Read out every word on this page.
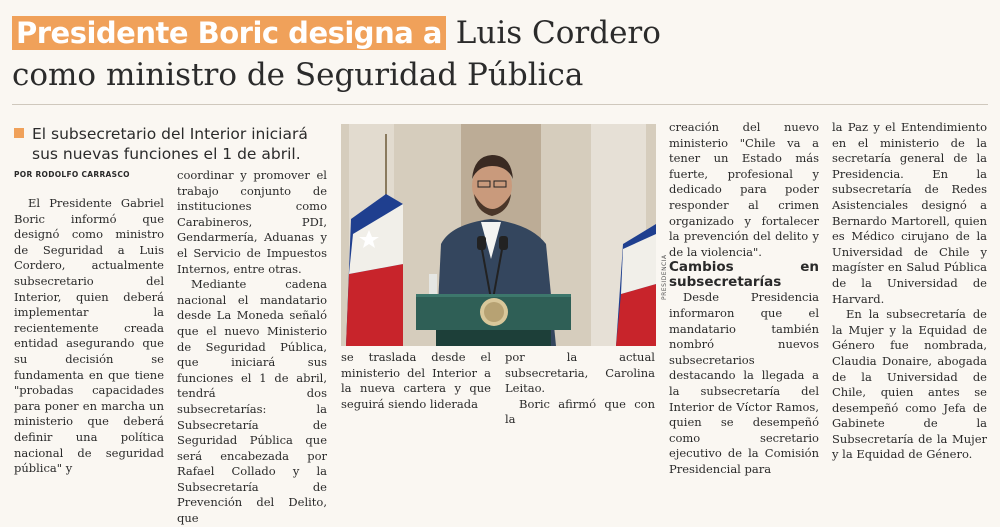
Presidente Boric designa a Luis Cordero
como ministro de Seguridad Pública
El subsecretario del Interior iniciará
sus nuevas funciones el 1 de abril.
POR RODOLFO CARRASCO

El Presidente Gabriel Boric informó que designó como ministro de Seguridad a Luis Cordero, actualmente subsecretario del Interior, quien deberá implementar la recientemente creada entidad asegurando que su decisión se fundamenta en que tiene "probadas capacidades para poner en marcha un ministerio que deberá definir una política nacional de seguridad pública" y

coordinar y promover el trabajo conjunto de instituciones como Carabineros, PDI, Gendarmería, Aduanas y el Servicio de Impuestos Internos, entre otras.

Mediante cadena nacional el mandatario desde La Moneda señaló que el nuevo Ministerio de Seguridad Pública, que iniciará sus funciones el 1 de abril, tendrá dos subsecretarías: la Subsecretaría de Seguridad Pública que será encabezada por Rafael Collado y la Subsecretaría de Prevención del Delito, que

PRESIDENCIA

se traslada desde el ministerio del Interior a la nueva cartera y que seguirá siendo liderada

por la actual subsecretaria, Carolina Leitao.

Boric afirmó que con la

creación del nuevo ministerio "Chile va a tener un Estado más fuerte, profesional y dedicado para poder responder al crimen organizado y fortalecer la prevención del delito y de la violencia".

Cambios en subsecretarías

Desde Presidencia informaron que el mandatario también nombró nuevos subsecretarios destacando la llegada a la subsecretaría del Interior de Víctor Ramos, quien se desempeñó como secretario ejecutivo de la Comisión Presidencial para

la Paz y el Entendimiento en el ministerio de la secretaría general de la Presidencia. En la subsecretaría de Redes Asistenciales designó a Bernardo Martorell, quien es Médico cirujano de la Universidad de Chile y magíster en Salud Pública de la Universidad de Harvard.

En la subsecretaría de la Mujer y la Equidad de Género fue nombrada, Claudia Donaire, abogada de la Universidad de Chile, quien antes se desempeñó como Jefa de Gabinete de la Subsecretaría de la Mujer y la Equidad de Género.
